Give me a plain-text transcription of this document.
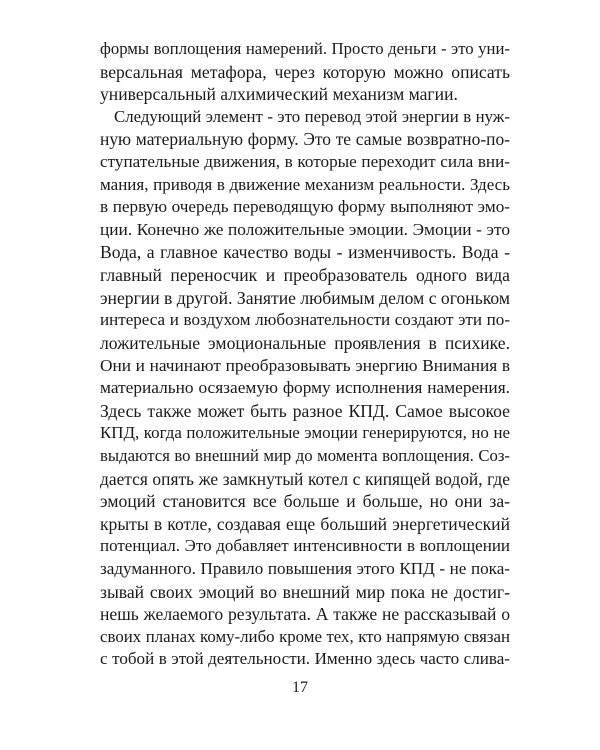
формы воплощения намерений. Просто деньги - это уни-
версальная метафора, через которую можно описать
универсальный алхимический механизм магии.
Следующий элемент - это перевод этой энергии в нуж-
ную материальную форму. Это те самые возвратно-по-
ступательные движения, в которые переходит сила вни-
мания, приводя в движение механизм реальности. Здесь
в первую очередь переводящую форму выполняют эмо-
ции. Конечно же положительные эмоции. Эмоции - это
Вода, а главное качество воды - изменчивость. Вода -
главный переносчик и преобразователь одного вида
энергии в другой. Занятие любимым делом с огоньком
интереса и воздухом любознательности создают эти по-
ложительные эмоциональные проявления в психике.
Они и начинают преобразовывать энергию Внимания в
материально осязаемую форму исполнения намерения.
Здесь также может быть разное КПД. Самое высокое
КПД, когда положительные эмоции генерируются, но не
выдаются во внешний мир до момента воплощения. Соз-
дается опять же замкнутый котел с кипящей водой, где
эмоций становится все больше и больше, но они за-
крыты в котле, создавая еще больший энергетический
потенциал. Это добавляет интенсивности в воплощении
задуманного. Правило повышения этого КПД - не пока-
зывай своих эмоций во внешний мир пока не достиг-
нешь желаемого результата. А также не рассказывай о
своих планах кому-либо кроме тех, кто напрямую связан
с тобой в этой деятельности. Именно здесь часто слива-
17
